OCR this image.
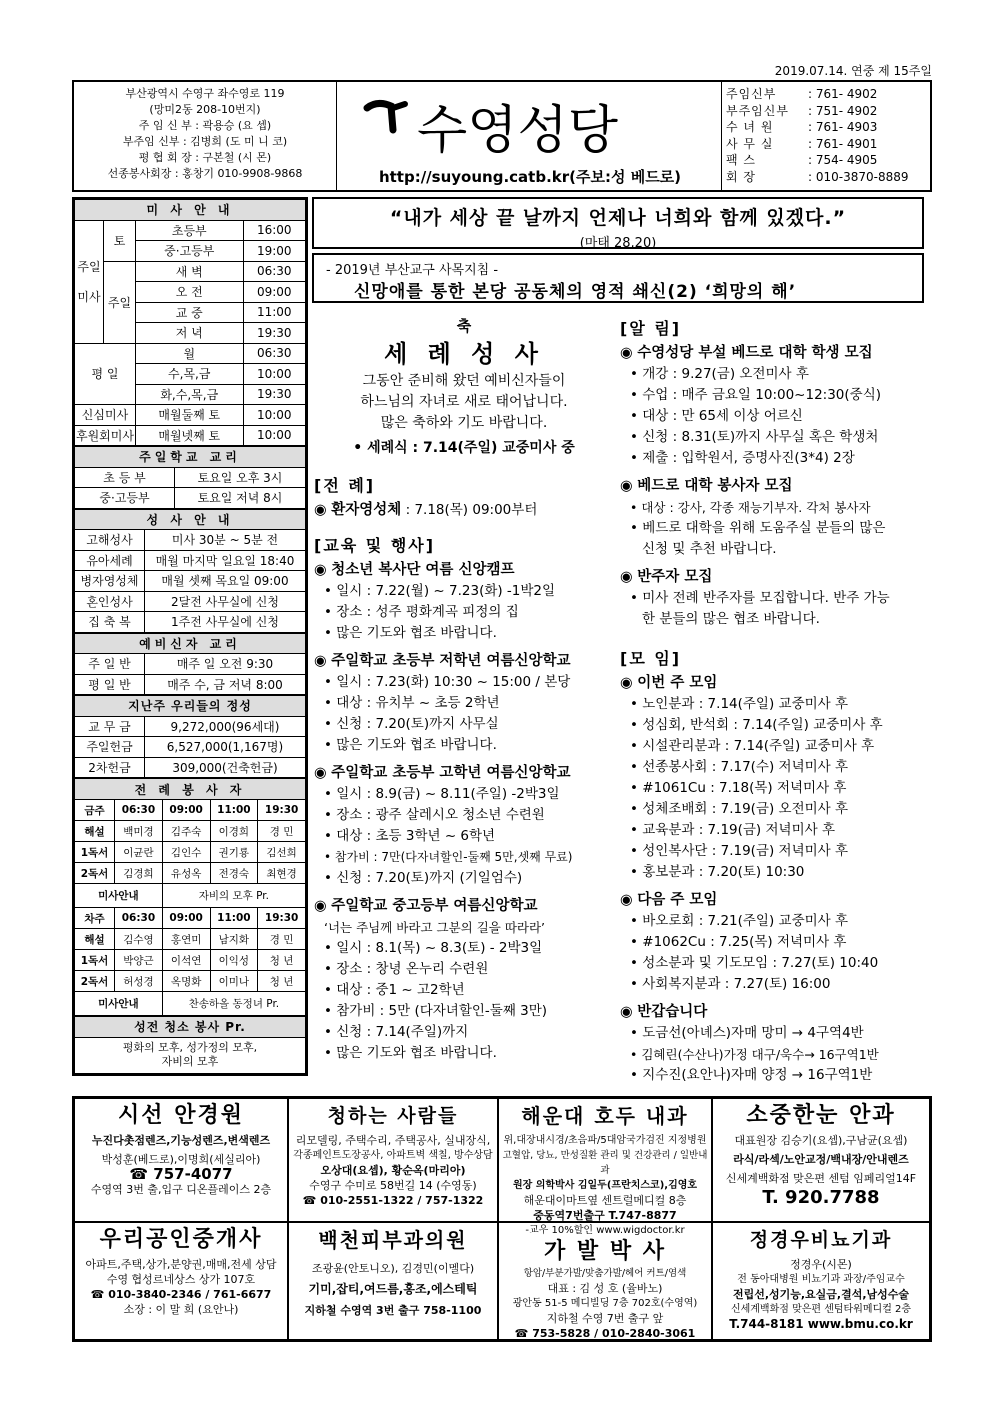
2019.07.14. 연중 제 15주일
부산광역시 수영구 좌수영로 119
(망미2동 208-10번지)
주 임 신 부 : 곽용승 (요 셉)
부주임 신부 : 김병희 (도 미 니 코)
평 협 회 장 : 구본철 (시 몬)
선종봉사회장 : 홍창기 010-9908-9868
수영성당
http://suyoung.catb.kr(주보:성 베드로)
주임신부	: 761- 4902
부주임신부	: 751- 4902
수 녀 원	: 761- 4903
사 무 실	: 761- 4901
팩 스	: 754- 4905
회 장	: 010-3870-8889
미 사 안 내			
주일미사	토	초등부	16:00
		중·고등부	19:00
	주일	새 벽	06:30
		오 전	09:00
		교 중	11:00
		저 녁	19:30
평 일		월	06:30
		수,목,금	10:00
		화,수,목,금	19:30
신심미사		매월둘째 토	10:00
후원회미사		매월넷째 토	10:00
주일학교 교리	
초 등 부	토요일 오후 3시
중·고등부	토요일 저녁 8시
성 사 안 내	
고해성사	미사 30분 ~ 5분 전
유아세례	매월 마지막 일요일 18:40
병자영성체	매월 셋째 목요일 09:00
혼인성사	2달전 사무실에 신청
집 축 복	1주전 사무실에 신청
예비신자 교리	
주 일 반	매주 일 오전 9:30
평 일 반	매주 수, 금 저녁 8:00
지난주 우리들의 정성	
교 무 금	9,272,000(96세대)
주일헌금	6,527,000(1,167명)
2차헌금	309,000(건축헌금)
전 례 봉 사 자				
금주	06:30	09:00	11:00	19:30
해설	백미경	김주숙	이경희	경 민
1독서	이균란	김인수	권기룡	김선희
2독서	김경희	유성옥	전경숙	최현경
미사안내		자비의 모후 Pr.		
차주	06:30	09:00	11:00	19:30
해설	김수영	홍연미	남지화	경 민
1독서	박양근	이석연	이익성	청 년
2독서	허성경	옥명화	이미나	청 년
미사안내		찬송하올 동정녀 Pr.		
성전 청소 봉사 Pr.

평화의 모후, 성가정의 모후,
자비의 모후
“내가 세상 끝 날까지 언제나 너희와 함께 있겠다.”
(마태 28,20)
- 2019년 부산교구 사목지침 -
신망애를 통한 본당 공동체의 영적 쇄신(2) ‘희망의 해’
축
세 례 성 사
그동안 준비해 왔던 예비신자들이
하느님의 자녀로 새로 태어납니다.
많은 축하와 기도 바랍니다.
• 세례식 : 7.14(주일) 교중미사 중
[전 례]
◉ 환자영성체 : 7.18(목) 09:00부터
[교육 및 행사]
◉ 청소년 복사단 여름 신앙캠프
• 일시 : 7.22(월) ~ 7.23(화) -1박2일
• 장소 : 성주 평화계곡 피정의 집
• 많은 기도와 협조 바랍니다.
◉ 주일학교 초등부 저학년 여름신앙학교
• 일시 : 7.23(화) 10:30 ~ 15:00 / 본당
• 대상 : 유치부 ~ 초등 2학년
• 신청 : 7.20(토)까지 사무실
• 많은 기도와 협조 바랍니다.
◉ 주일학교 초등부 고학년 여름신앙학교
• 일시 : 8.9(금) ~ 8.11(주일) -2박3일
• 장소 : 광주 살레시오 청소년 수련원
• 대상 : 초등 3학년 ~ 6학년
• 참가비 : 7만(다자녀할인-둘째 5만,셋째 무료)
• 신청 : 7.20(토)까지 (기일엄수)
◉ 주일학교 중고등부 여름신앙학교
‘너는 주님께 바라고 그분의 길을 따라라’
• 일시 : 8.1(목) ~ 8.3(토) - 2박3일
• 장소 : 창녕 온누리 수련원
• 대상 : 중1 ~ 고2학년
• 참가비 : 5만 (다자녀할인-둘째 3만)
• 신청 : 7.14(주일)까지
• 많은 기도와 협조 바랍니다.
[알 림]
◉ 수영성당 부설 베드로 대학 학생 모집
• 개강 : 9.27(금) 오전미사 후
• 수업 : 매주 금요일 10:00~12:30(중식)
• 대상 : 만 65세 이상 어르신
• 신청 : 8.31(토)까지 사무실 혹은 학생처
• 제출 : 입학원서, 증명사진(3*4) 2장
◉ 베드로 대학 봉사자 모집
• 대상 : 강사, 각종 재능기부자. 각처 봉사자
• 베드로 대학을 위해 도움주실 분들의 많은
신청 및 추천 바랍니다.
◉ 반주자 모집
• 미사 전례 반주자를 모집합니다. 반주 가능
한 분들의 많은 협조 바랍니다.
[모 임]
◉ 이번 주 모임
• 노인분과 : 7.14(주일) 교중미사 후
• 성심회, 반석회 : 7.14(주일) 교중미사 후
• 시설관리분과 : 7.14(주일) 교중미사 후
• 선종봉사회 : 7.17(수) 저녁미사 후
• #1061Cu : 7.18(목) 저녁미사 후
• 성체조배회 : 7.19(금) 오전미사 후
• 교육분과 : 7.19(금) 저녁미사 후
• 성인복사단 : 7.19(금) 저녁미사 후
• 홍보분과 : 7.20(토) 10:30
◉ 다음 주 모임
• 바오로회 : 7.21(주일) 교중미사 후
• #1062Cu : 7.25(목) 저녁미사 후
• 성소분과 및 기도모임 : 7.27(토) 10:40
• 사회복지분과 : 7.27(토) 16:00
◉ 반갑습니다
• 도금선(아녜스)자매 망미 → 4구역4반
• 김혜린(수산나)가정 대구/욱수→ 16구역1반
• 지수진(요안나)자매 양정 → 16구역1반
시선 안경원
누진다촛점렌즈,기능성렌즈,변색렌즈
박성훈(베드로),이명희(세실리아)
☎ 757-4077
수영역 3번 출,입구 디온플레이스 2층
청하는 사람들
리모델링, 주택수리, 주택공사, 실내장식,
각종페인트도장공사, 아파트벽 색칠, 방수상담
오상대(요셉), 황순옥(마리아)
수영구 수미로 58번길 14 (수영동)
☎ 010-2551-1322 / 757-1322
해운대 호두 내과
위,대장내시경/초음파/5대암국가검진 지정병원
고혈압, 당뇨, 만성질환 관리 및 건강관리 / 일반내과
원장 의학박사 김일두(프란치스코),김영호
해운대이마트옆 센트럴메디컬 8층
중동역7번출구 T.747-8877
소중한눈 안과
대표원장 김승기(요셉),구남균(요셉)
라식/라섹/노안교정/백내장/안내렌즈
신세계백화점 맞은편 센텀 임페리얼14F
T. 920.7788
우리공인중개사
아파트,주택,상가,분양권,매매,전세 상담
수영 협성르네상스 상가 107호
☎ 010-3840-2346 / 761-6677
소장 : 이 말 희 (요안나)
백천피부과의원
조광윤(안토니오), 김경민(이멜다)
기미,잡티,여드름,홍조,에스테틱
지하철 수영역 3번 출구 758-1100
-교우 10%할인 www.wigdoctor.kr
가 발 박 사
항암/부분가발/맞춤가발/헤어 커트/염색
대표 : 김 성 호 (율바노)
광안동 51-5 메디빌딩 7층 702호(수영역)
지하철 수영 7번 출구 앞
☎ 753-5828 / 010-2840-3061
정경우비뇨기과
정경우(시몬)
전 동아대병원 비뇨기과 과장/주임교수
전립선,성기능,요실금,결석,남성수술
신세계백화점 맞은편 센텀타워메디컬 2층
T.744-8181 www.bmu.co.kr
